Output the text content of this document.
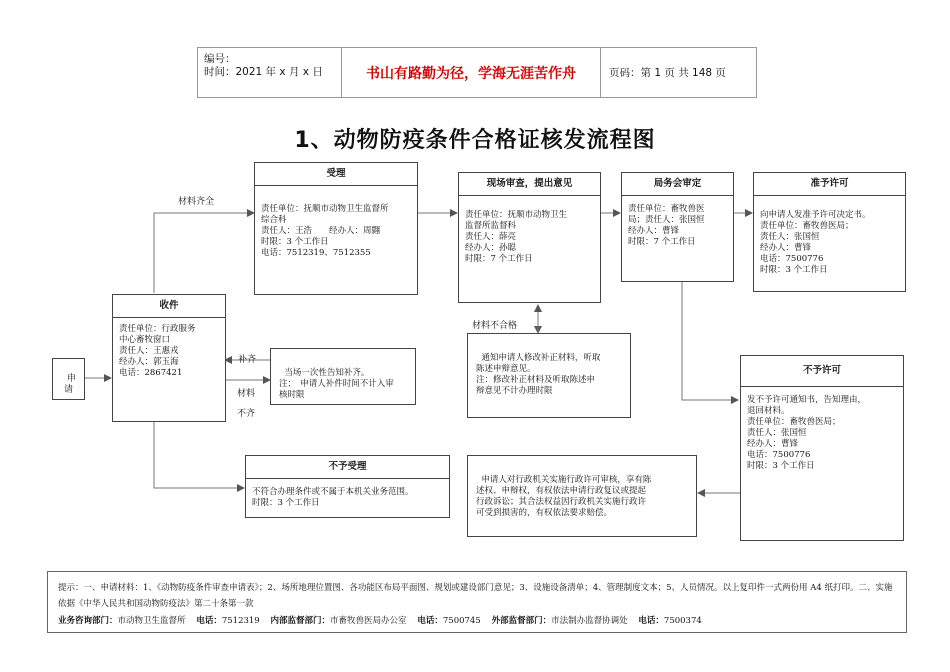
编号：
时间：2021 年 x 月 x 日	书山有路勤为径，学海无涯苦作舟	页码：第 1 页 共 148 页
1、动物防疫条件合格证核发流程图

申
请

收件
责任单位：行政服务
中心畜牧窗口
责任人：王惠戎
经办人：郭玉海
电话：2867421
受理
责任单位：抚顺市动物卫生监督所
综合科
责任人：王浩　　经办人：周翾
时限：3 个工作日
电话：7512319、7512355
现场审查，提出意见
责任单位：抚顺市动物卫生
监督所监督科
责任人：薛亮
经办人：孙聪
时限：7 个工作日
局务会审定
责任单位：畜牧兽医
局；责任人：张国恒
经办人：曹锋
时限：7 个工作日
准予许可
向申请人发准予许可决定书。
责任单位：畜牧兽医局；
责任人：张国恒
经办人：曹锋
电话：7500776
时限：3 个工作日
不予许可
发不予许可通知书，告知理由，
退回材料。
责任单位：畜牧兽医局；
责任人：张国恒
经办人：曹锋
电话：7500776
时限：3 个工作日
不予受理
不符合办理条件或不属于本机关业务范围。
时限：3 个工作日

当场一次性告知补齐。
注：　申请人补件时间不计入审
核时限

通知申请人修改补正材料，听取
陈述申辩意见。
注：修改补正材料及听取陈述申
辩意见不计办理时限

申请人对行政机关实施行政许可审核，享有陈
述权、申辩权，有权依法申请行政复议或提起
行政诉讼；其合法权益因行政机关实施行政许
可受到损害的，有权依法要求赔偿。

材料齐全
补齐
材料
不齐
材料不合格
提示：一、申请材料：1、《动物防疫条件审查申请表》；2、场所地理位置图、各功能区布局平面图、规划或建设部门意见；3、设施设备清单；4、管理制度文本；5、人员情况。以上复印件一式两份用 A4 纸打印。二、实施依据《中华人民共和国动物防疫法》第二十条第一款
业务咨询部门：市动物卫生监督所 电话：7512319 内部监督部门：市畜牧兽医局办公室 电话：7500745 外部监督部门：市法制办监督协调处 电话：7500374
